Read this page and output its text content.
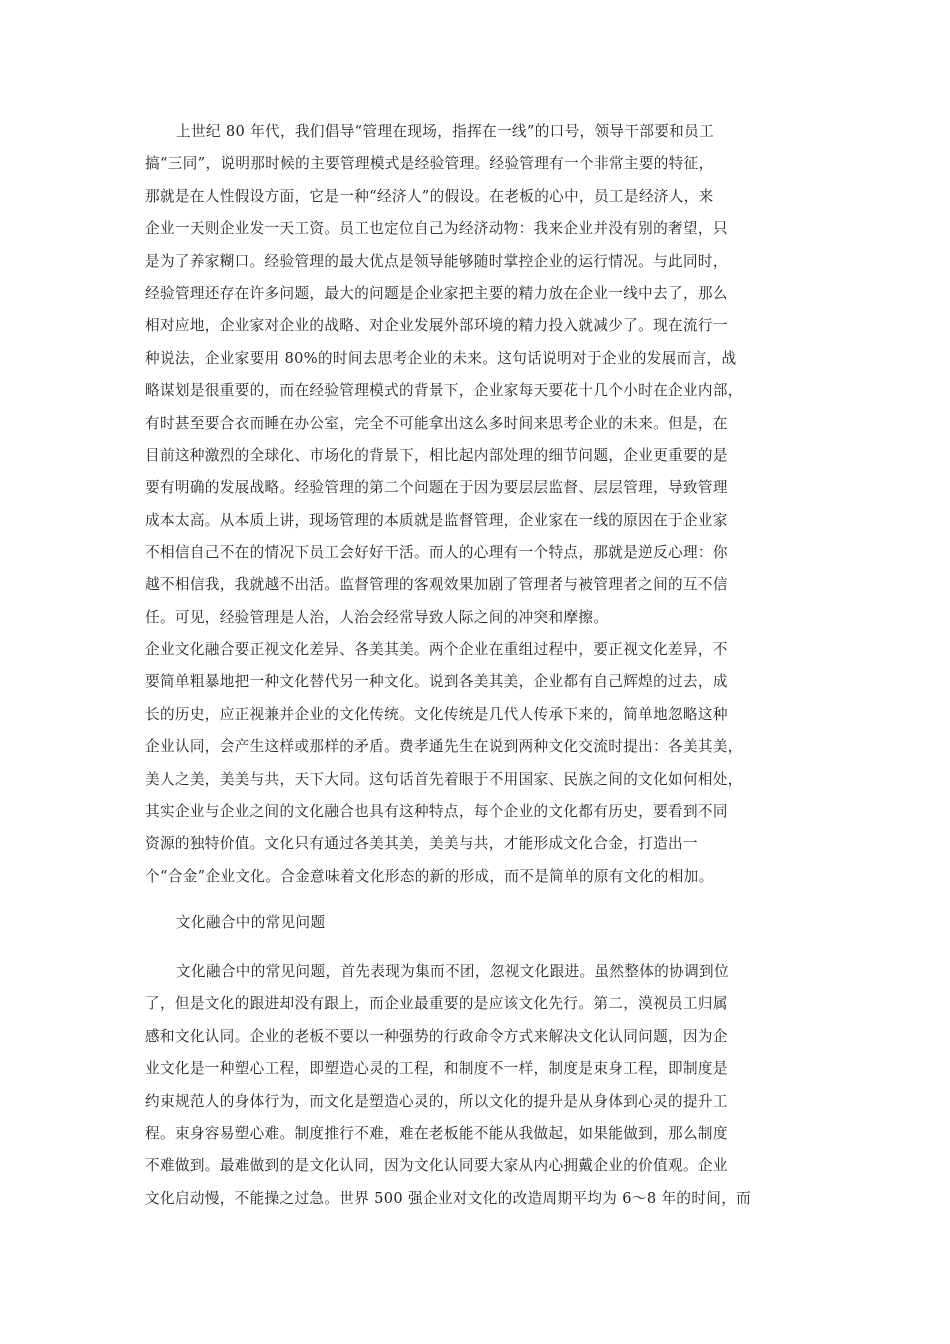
上世纪 80 年代，我们倡导“管理在现场，指挥在一线”的口号，领导干部要和员工
搞“三同”，说明那时候的主要管理模式是经验管理。经验管理有一个非常主要的特征，
那就是在人性假设方面，它是一种“经济人”的假设。在老板的心中，员工是经济人，来
企业一天则企业发一天工资。员工也定位自己为经济动物：我来企业并没有别的奢望，只
是为了养家糊口。经验管理的最大优点是领导能够随时掌控企业的运行情况。与此同时，
经验管理还存在许多问题，最大的问题是企业家把主要的精力放在企业一线中去了，那么
相对应地，企业家对企业的战略、对企业发展外部环境的精力投入就减少了。现在流行一
种说法，企业家要用 80%的时间去思考企业的未来。这句话说明对于企业的发展而言，战
略谋划是很重要的，而在经验管理模式的背景下，企业家每天要花十几个小时在企业内部，
有时甚至要合衣而睡在办公室，完全不可能拿出这么多时间来思考企业的未来。但是，在
目前这种激烈的全球化、市场化的背景下，相比起内部处理的细节问题，企业更重要的是
要有明确的发展战略。经验管理的第二个问题在于因为要层层监督、层层管理，导致管理
成本太高。从本质上讲，现场管理的本质就是监督管理，企业家在一线的原因在于企业家
不相信自己不在的情况下员工会好好干活。而人的心理有一个特点，那就是逆反心理：你
越不相信我，我就越不出活。监督管理的客观效果加剧了管理者与被管理者之间的互不信
任。可见，经验管理是人治，人治会经常导致人际之间的冲突和摩擦。
企业文化融合要正视文化差异、各美其美。两个企业在重组过程中，要正视文化差异，不
要简单粗暴地把一种文化替代另一种文化。说到各美其美，企业都有自己辉煌的过去，成
长的历史，应正视兼并企业的文化传统。文化传统是几代人传承下来的，简单地忽略这种
企业认同，会产生这样或那样的矛盾。费孝通先生在说到两种文化交流时提出：各美其美，
美人之美，美美与共，天下大同。这句话首先着眼于不用国家、民族之间的文化如何相处，
其实企业与企业之间的文化融合也具有这种特点，每个企业的文化都有历史，要看到不同
资源的独特价值。文化只有通过各美其美，美美与共，才能形成文化合金，打造出一
个“合金”企业文化。合金意味着文化形态的新的形成，而不是简单的原有文化的相加。
文化融合中的常见问题
文化融合中的常见问题，首先表现为集而不团，忽视文化跟进。虽然整体的协调到位
了，但是文化的跟进却没有跟上，而企业最重要的是应该文化先行。第二，漠视员工归属
感和文化认同。企业的老板不要以一种强势的行政命令方式来解决文化认同问题，因为企
业文化是一种塑心工程，即塑造心灵的工程，和制度不一样，制度是束身工程，即制度是
约束规范人的身体行为，而文化是塑造心灵的，所以文化的提升是从身体到心灵的提升工
程。束身容易塑心难。制度推行不难，难在老板能不能从我做起，如果能做到，那么制度
不难做到。最难做到的是文化认同，因为文化认同要大家从内心拥戴企业的价值观。企业
文化启动慢，不能操之过急。世界 500 强企业对文化的改造周期平均为 6～8 年的时间，而
